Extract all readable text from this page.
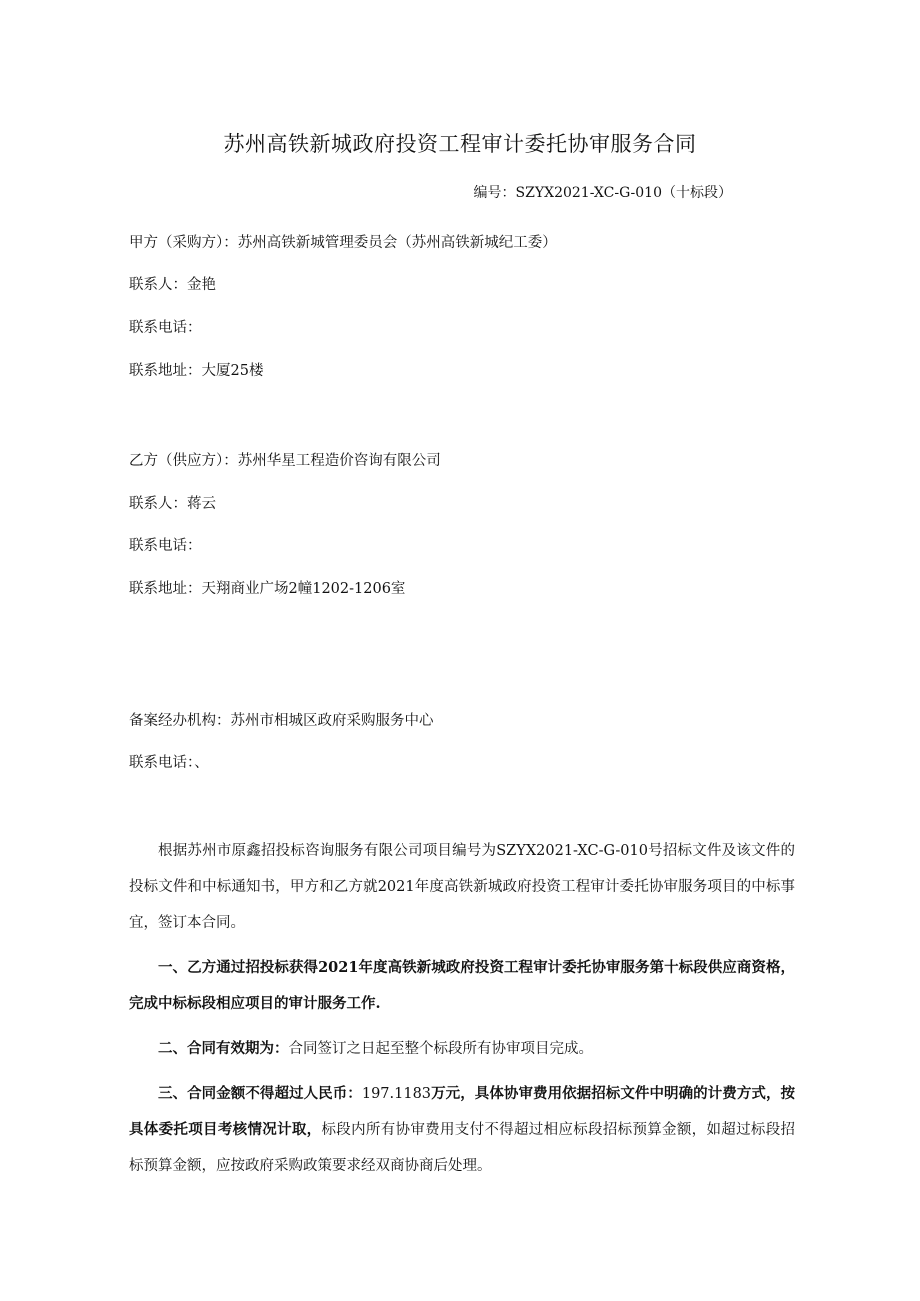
苏州高铁新城政府投资工程审计委托协审服务合同
编号：SZYX2021-XC-G-010（十标段）
甲方（采购方）：苏州高铁新城管理委员会（苏州高铁新城纪工委）
联系人：金艳
联系电话：
联系地址：大厦25楼
乙方（供应方）：苏州华星工程造价咨询有限公司
联系人：蒋云
联系电话：
联系地址：天翔商业广场2幢1202-1206室
备案经办机构：苏州市相城区政府采购服务中心
联系电话：、
根据苏州市原鑫招投标咨询服务有限公司项目编号为SZYX2021-XC-G-010号招标文件及该文件的投标文件和中标通知书，甲方和乙方就2021年度高铁新城政府投资工程审计委托协审服务项目的中标事宜，签订本合同。
一、乙方通过招投标获得2021年度高铁新城政府投资工程审计委托协审服务第十标段供应商资格，完成中标标段相应项目的审计服务工作.
二、合同有效期为：合同签订之日起至整个标段所有协审项目完成。
三、合同金额不得超过人民币：197.1183万元，具体协审费用依据招标文件中明确的计费方式，按具体委托项目考核情况计取，标段内所有协审费用支付不得超过相应标段招标预算金额，如超过标段招标预算金额，应按政府采购政策要求经双商协商后处理。
